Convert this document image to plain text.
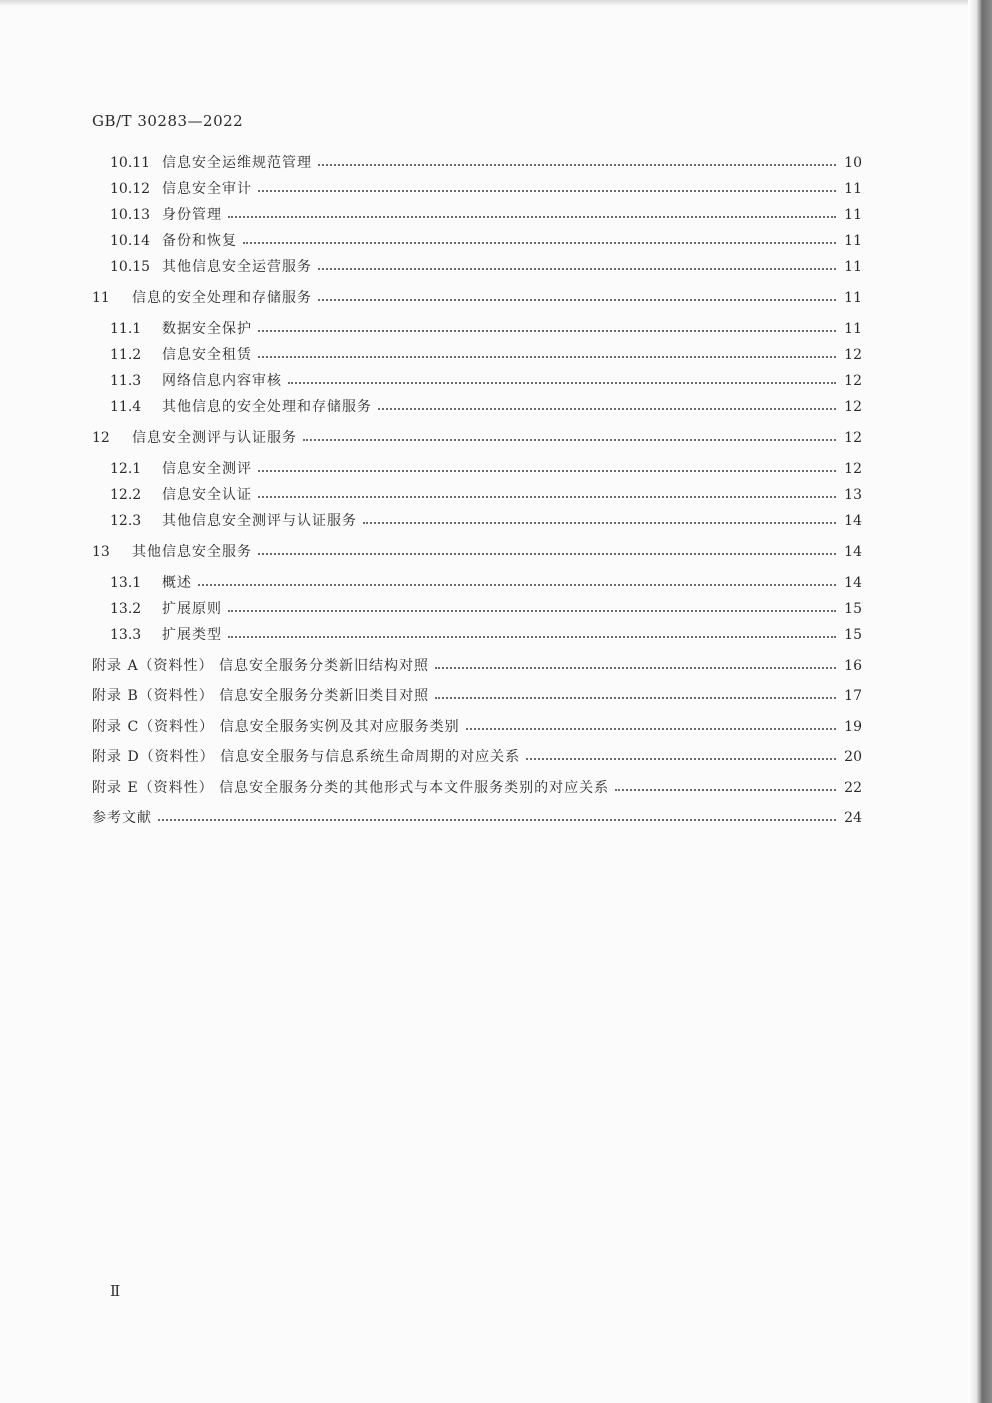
GB/T 30283—2022
10.11 信息安全运维规范管理	10
10.12 信息安全审计	11
10.13 身份管理	11
10.14 备份和恢复	11
10.15 其他信息安全运营服务	11
11	信息的安全处理和存储服务	11
11.1	数据安全保护	11
11.2	信息安全租赁	12
11.3	网络信息内容审核	12
11.4	其他信息的安全处理和存储服务	12
12	信息安全测评与认证服务	12
12.1	信息安全测评	12
12.2	信息安全认证	13
12.3	其他信息安全测评与认证服务	14
13	其他信息安全服务	14
13.1	概述	14
13.2	扩展原则	15
13.3	扩展类型	15
附录 A（资料性） 信息安全服务分类新旧结构对照	16
附录 B（资料性） 信息安全服务分类新旧类目对照	17
附录 C（资料性） 信息安全服务实例及其对应服务类别	19
附录 D（资料性） 信息安全服务与信息系统生命周期的对应关系	20
附录 E（资料性） 信息安全服务分类的其他形式与本文件服务类别的对应关系	22
参考文献	24
Ⅱ
